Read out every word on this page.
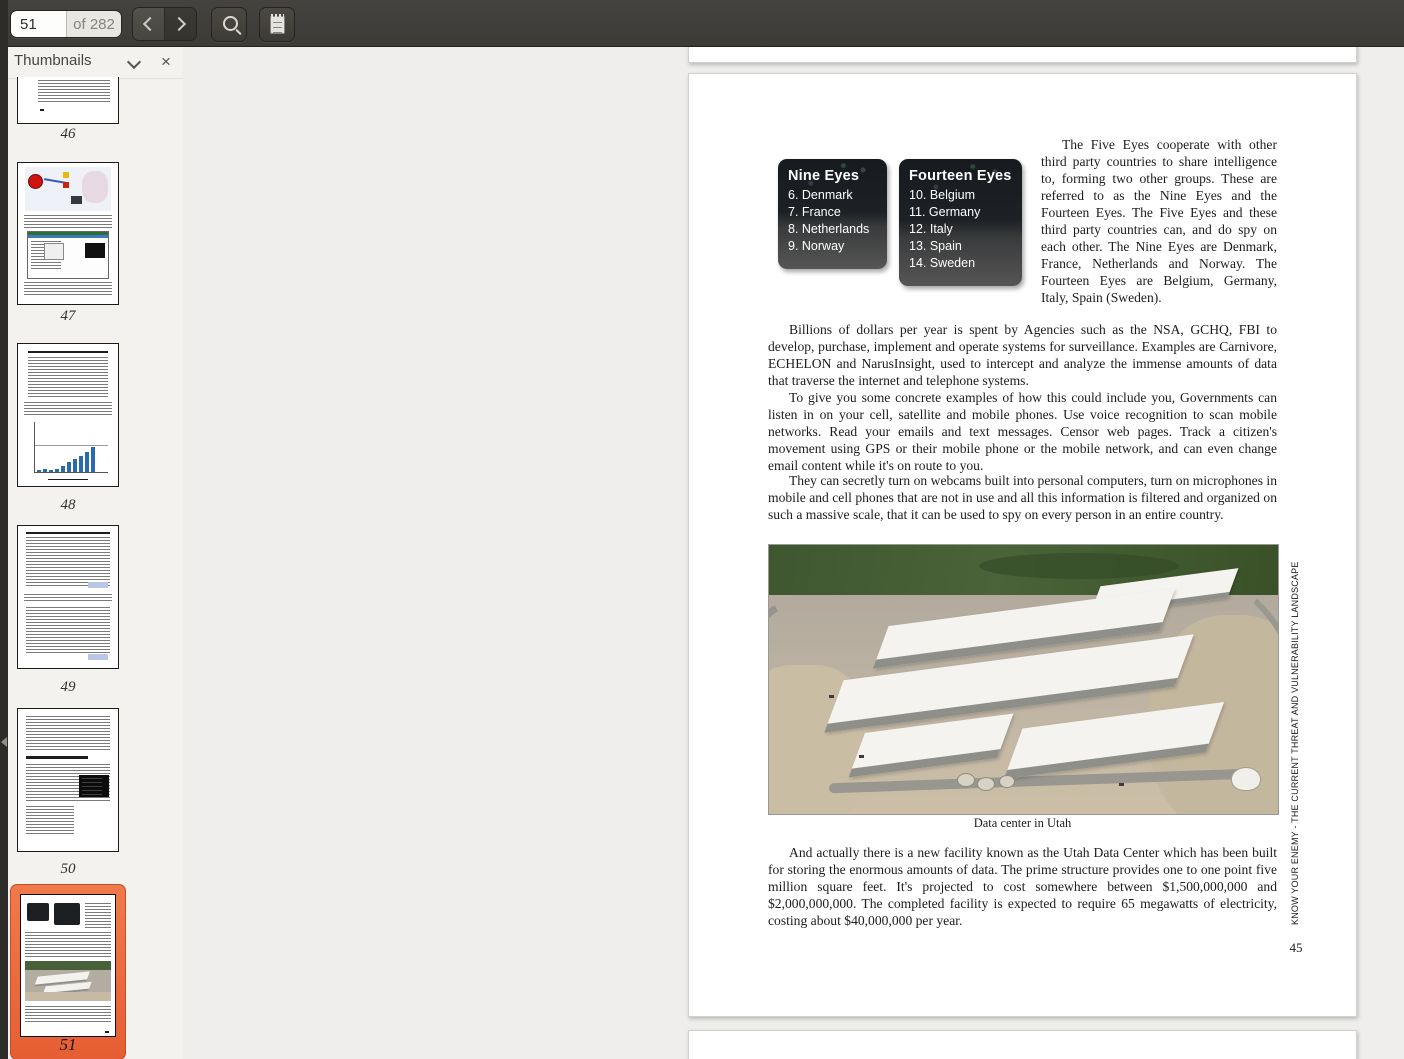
51
of 282
Thumbnails	×
46
47
48
49
50
51
Nine Eyes
6. Denmark
7. France
8. Netherlands
9. Norway
Fourteen Eyes
10. Belgium
11. Germany
12. Italy
13. Spain
14. Sweden
The Five Eyes cooperate with other third party countries to share intelligence to, forming two other groups. These are referred to as the Nine Eyes and the Fourteen Eyes. The Five Eyes and these third party countries can, and do spy on each other. The Nine Eyes are Denmark, France, Netherlands and Norway. The Fourteen Eyes are Belgium, Germany, Italy, Spain (Sweden).
Billions of dollars per year is spent by Agencies such as the NSA, GCHQ, FBI to develop, purchase, implement and operate systems for surveillance. Examples are Carnivore, ECHELON and NarusInsight, used to intercept and analyze the immense amounts of data that traverse the internet and telephone systems.
To give you some concrete examples of how this could include you, Governments can listen in on your cell, satellite and mobile phones. Use voice recognition to scan mobile networks. Read your emails and text messages. Censor web pages. Track a citizen's movement using GPS or their mobile phone or the mobile network, and can even change email content while it's on route to you.
They can secretly turn on webcams built into personal computers, turn on microphones in mobile and cell phones that are not in use and all this information is filtered and organized on such a massive scale, that it can be used to spy on every person in an entire country.
Data center in Utah
And actually there is a new facility known as the Utah Data Center which has been built for storing the enormous amounts of data. The prime structure provides one to one point five million square feet. It's projected to cost somewhere between $1,500,000,000 and $2,000,000,000. The completed facility is expected to require 65 megawatts of electricity, costing about $40,000,000 per year.	KNOW YOUR ENEMY - THE CURRENT THREAT AND VULNERABILITY LANDSCAPE
45
